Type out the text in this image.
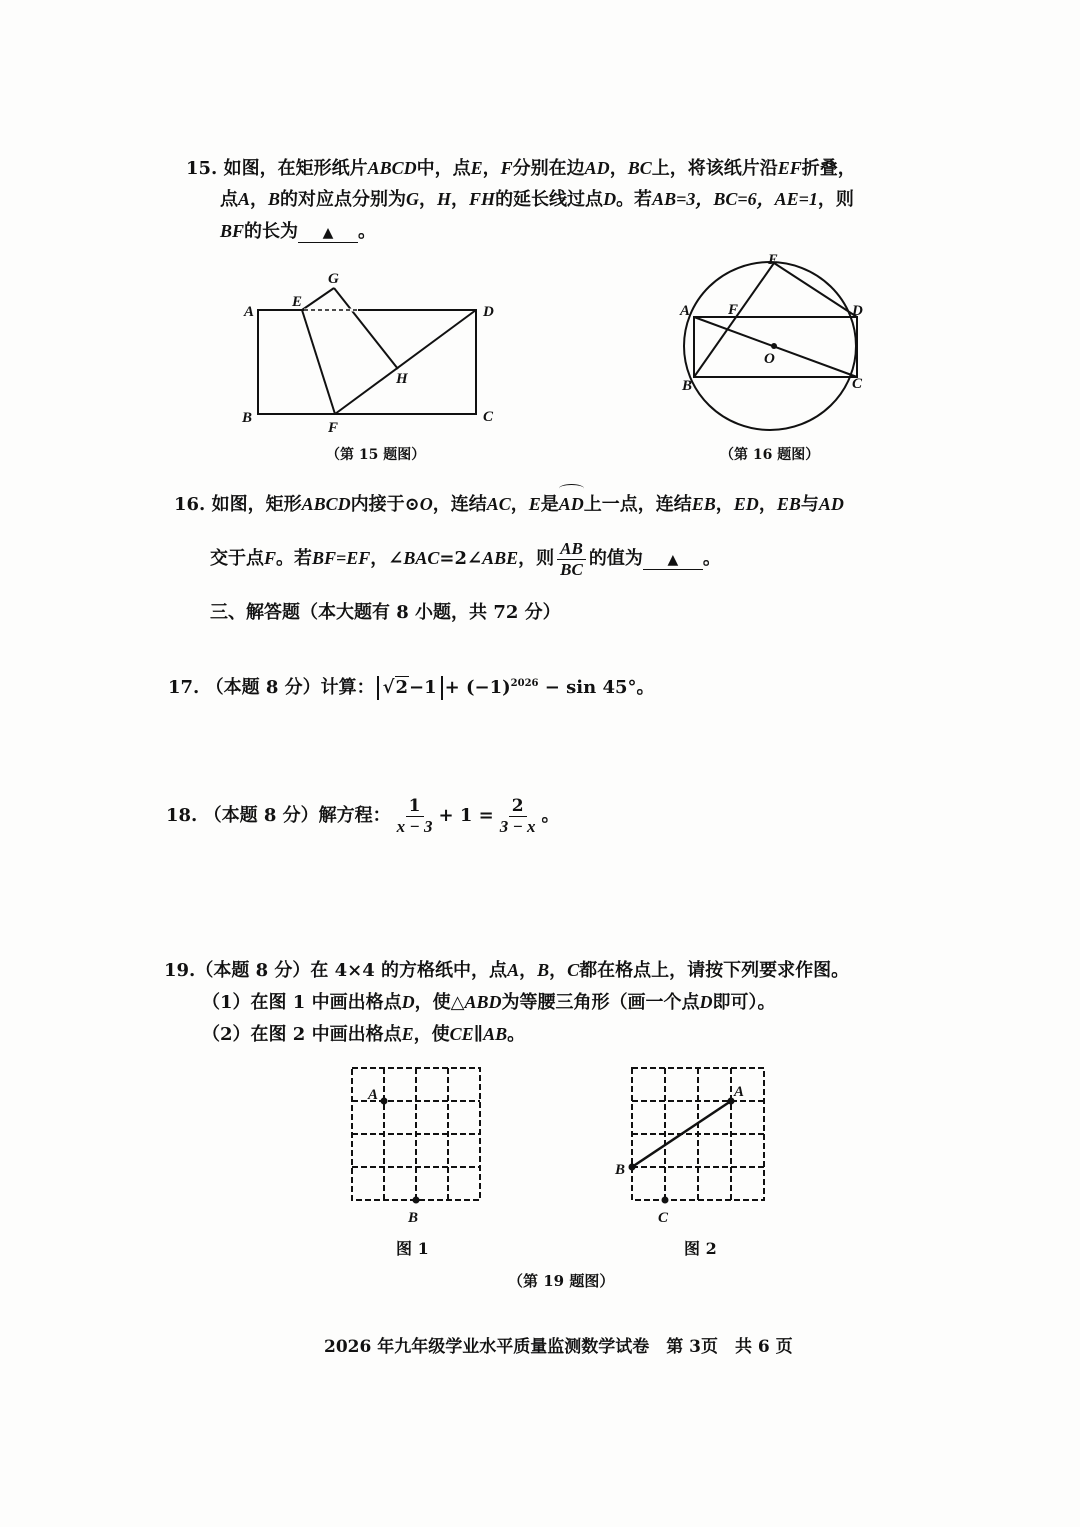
15. 如图，在矩形纸片ABCD中，点E，F分别在边AD，BC上，将该纸片沿EF折叠，
点A，B的对应点分别为G，H，FH的延长线过点D。若AB=3，BC=6，AE=1，则
BF的长为 ▲ 。
A
E
G
D
H
B
F
C
（第 15 题图）
E
A	F	D
O
B	C
（第 16 题图）
16. 如图，矩形ABCD内接于⊙O，连结AC，E是AD上一点，连结EB，ED，EB与AD
交于点F。若BF=EF，∠BAC=2∠ABE，则 $\frac{AB}{BC}$ 的值为 ▲ 。
三、解答题（本大题有 8 小题，共 72 分）
17. （本题 8 分）计算： $√2-1 + (-1)^{2026} - \sin 45^\circ$。
18. （本题 8 分）解方程： $\frac{1}{x - 3} + 1 = \frac{2}{3 - x}$ 。
19.（本题 8 分）在 4×4 的方格纸中，点A，B，C都在格点上，请按下列要求作图。
（1）在图 1 中画出格点D，使△ABD为等腰三角形（画一个点D即可）。
（2）在图 2 中画出格点E，使CE∥AB。
A
B
图 1
A
B
C
图 2
（第 19 题图）
2026 年九年级学业水平质量监测数学试卷　第 3页　共 6 页
